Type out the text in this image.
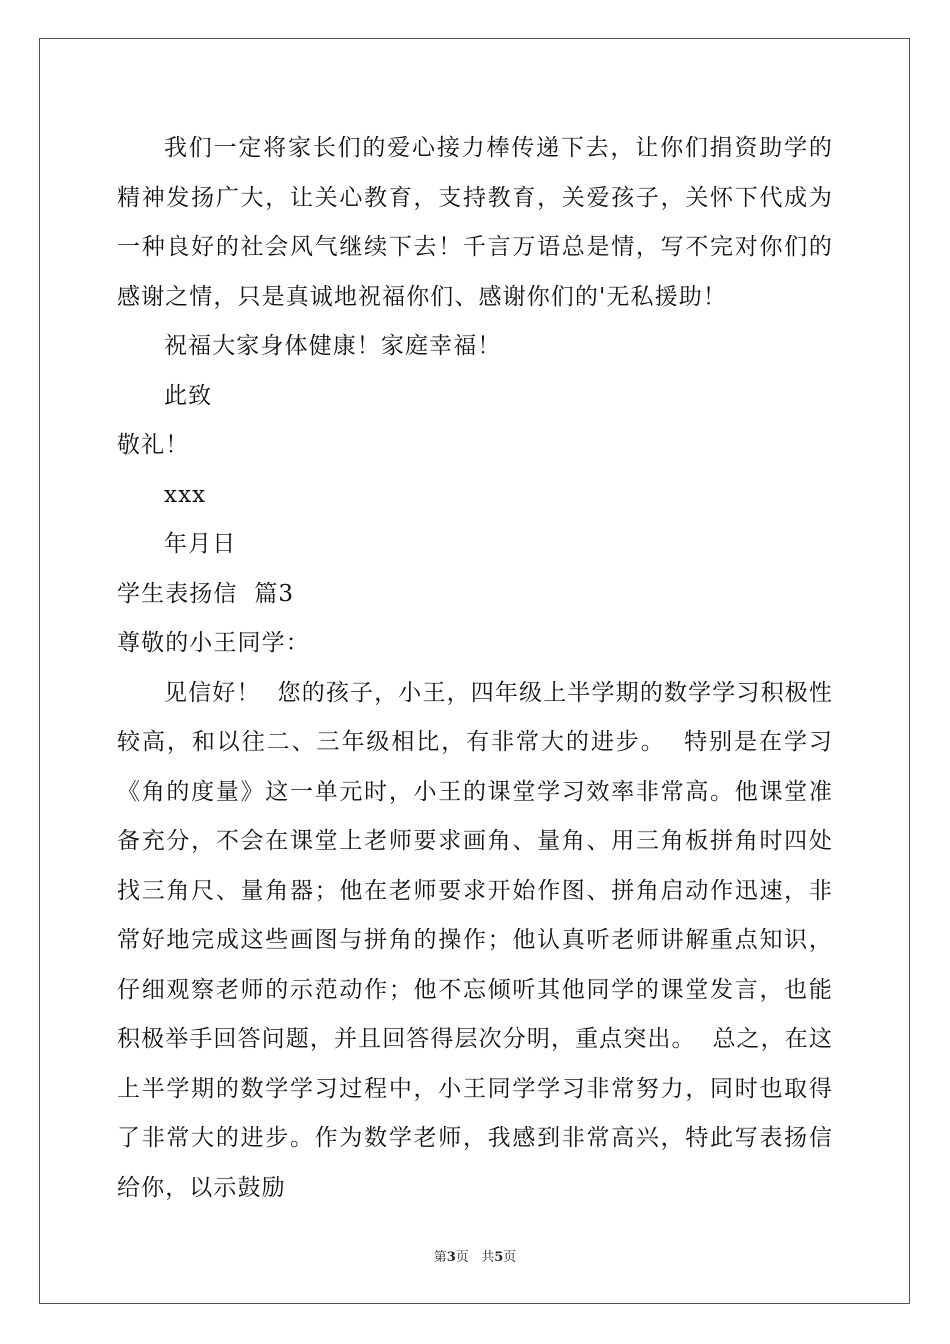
我们一定将家长们的爱心接力棒传递下去，让你们捐资助学的精神发扬广大，让关心教育，支持教育，关爱孩子，关怀下代成为一种良好的社会风气继续下去！千言万语总是情，写不完对你们的感谢之情，只是真诚地祝福你们、感谢你们的'无私援助！

祝福大家身体健康！家庭幸福！

此致

敬礼！

xxx

年月日

学生表扬信  篇3

尊敬的小王同学：

见信好！  您的孩子，小王，四年级上半学期的数学学习积极性较高，和以往二、三年级相比，有非常大的进步。  特别是在学习《角的度量》这一单元时，小王的课堂学习效率非常高。他课堂准备充分，不会在课堂上老师要求画角、量角、用三角板拼角时四处找三角尺、量角器；他在老师要求开始作图、拼角启动作迅速，非常好地完成这些画图与拼角的操作；他认真听老师讲解重点知识，仔细观察老师的示范动作；他不忘倾听其他同学的课堂发言，也能积极举手回答问题，并且回答得层次分明，重点突出。  总之，在这上半学期的数学学习过程中，小王同学学习非常努力，同时也取得了非常大的进步。作为数学老师，我感到非常高兴，特此写表扬信给你，以示鼓励

第3页   共5页
